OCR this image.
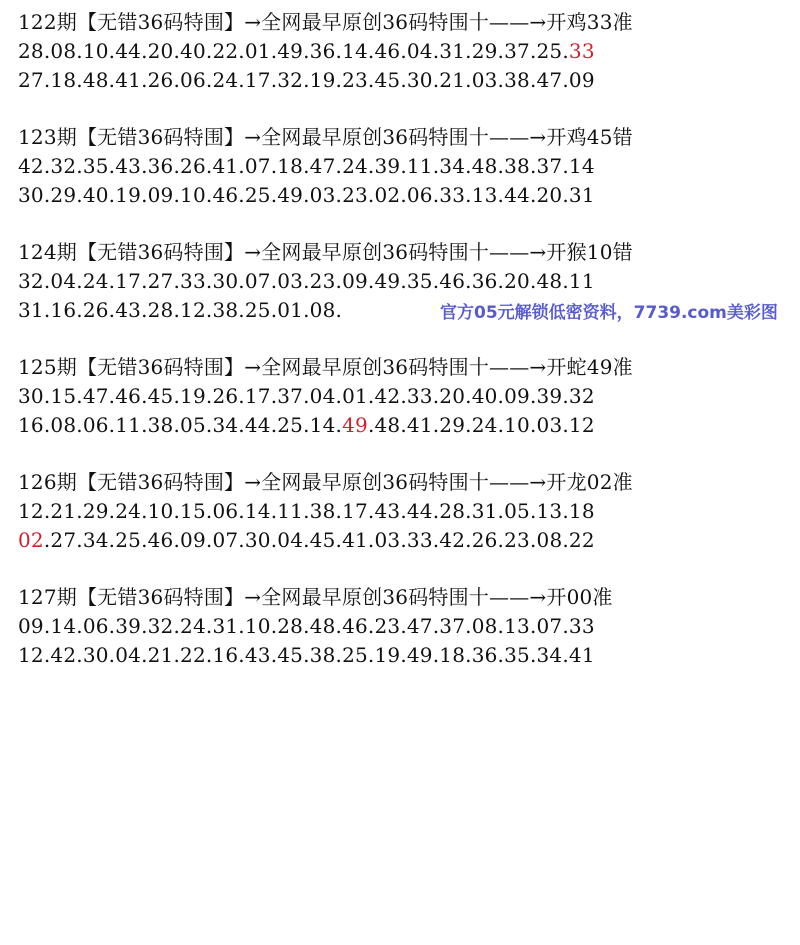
122期【无错36码特围】→全网最早原创36码特围十——→开鸡33准
28.08.10.44.20.40.22.01.49.36.14.46.04.31.29.37.25.33
27.18.48.41.26.06.24.17.32.19.23.45.30.21.03.38.47.09
123期【无错36码特围】→全网最早原创36码特围十——→开鸡45错
42.32.35.43.36.26.41.07.18.47.24.39.11.34.48.38.37.14
30.29.40.19.09.10.46.25.49.03.23.02.06.33.13.44.20.31
124期【无错36码特围】→全网最早原创36码特围十——→开猴10错
32.04.24.17.27.33.30.07.03.23.09.49.35.46.36.20.48.11
31.16.26.43.28.12.38.25.01.08.
125期【无错36码特围】→全网最早原创36码特围十——→开蛇49准
30.15.47.46.45.19.26.17.37.04.01.42.33.20.40.09.39.32
16.08.06.11.38.05.34.44.25.14.49.48.41.29.24.10.03.12
126期【无错36码特围】→全网最早原创36码特围十——→开龙02准
12.21.29.24.10.15.06.14.11.38.17.43.44.28.31.05.13.18
02.27.34.25.46.09.07.30.04.45.41.03.33.42.26.23.08.22
127期【无错36码特围】→全网最早原创36码特围十——→开00准
09.14.06.39.32.24.31.10.28.48.46.23.47.37.08.13.07.33
12.42.30.04.21.22.16.43.45.38.25.19.49.18.36.35.34.41
官方05元解锁低密资料，7739.com美彩图
